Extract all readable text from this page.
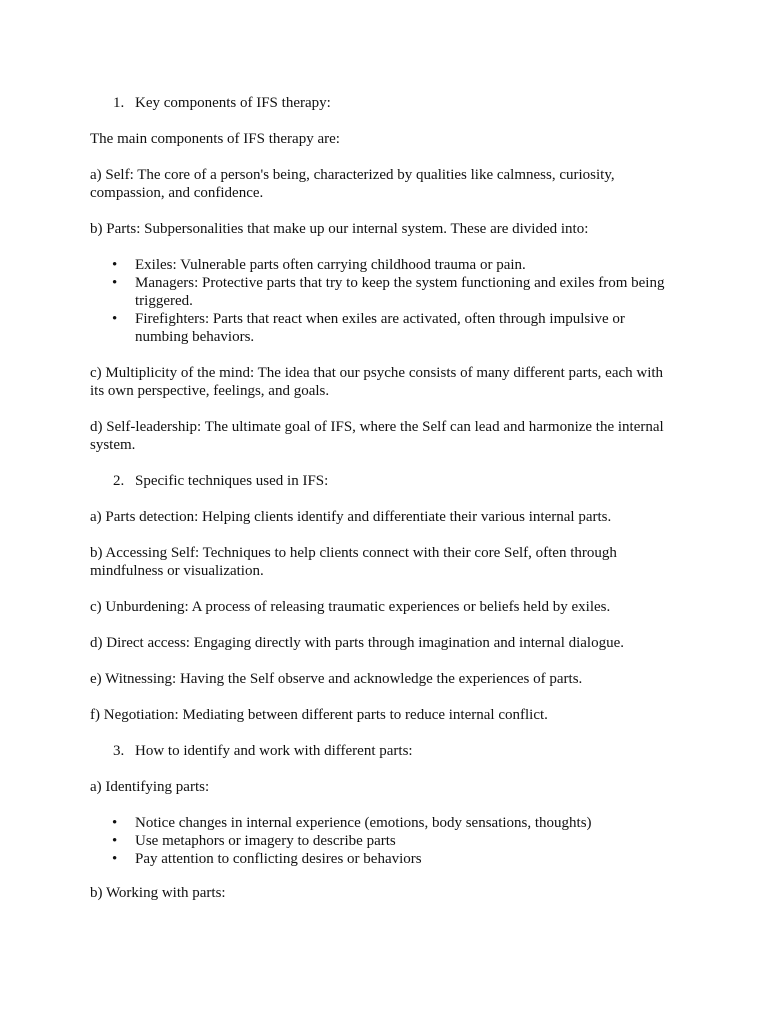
1. Key components of IFS therapy:
The main components of IFS therapy are:
a) Self: The core of a person's being, characterized by qualities like calmness, curiosity, compassion, and confidence.
b) Parts: Subpersonalities that make up our internal system. These are divided into:
• Exiles: Vulnerable parts often carrying childhood trauma or pain.
• Managers: Protective parts that try to keep the system functioning and exiles from being triggered.
• Firefighters: Parts that react when exiles are activated, often through impulsive or numbing behaviors.
c) Multiplicity of the mind: The idea that our psyche consists of many different parts, each with its own perspective, feelings, and goals.
d) Self-leadership: The ultimate goal of IFS, where the Self can lead and harmonize the internal system.
2. Specific techniques used in IFS:
a) Parts detection: Helping clients identify and differentiate their various internal parts.
b) Accessing Self: Techniques to help clients connect with their core Self, often through mindfulness or visualization.
c) Unburdening: A process of releasing traumatic experiences or beliefs held by exiles.
d) Direct access: Engaging directly with parts through imagination and internal dialogue.
e) Witnessing: Having the Self observe and acknowledge the experiences of parts.
f) Negotiation: Mediating between different parts to reduce internal conflict.
3. How to identify and work with different parts:
a) Identifying parts:
• Notice changes in internal experience (emotions, body sensations, thoughts)
• Use metaphors or imagery to describe parts
• Pay attention to conflicting desires or behaviors
b) Working with parts:
